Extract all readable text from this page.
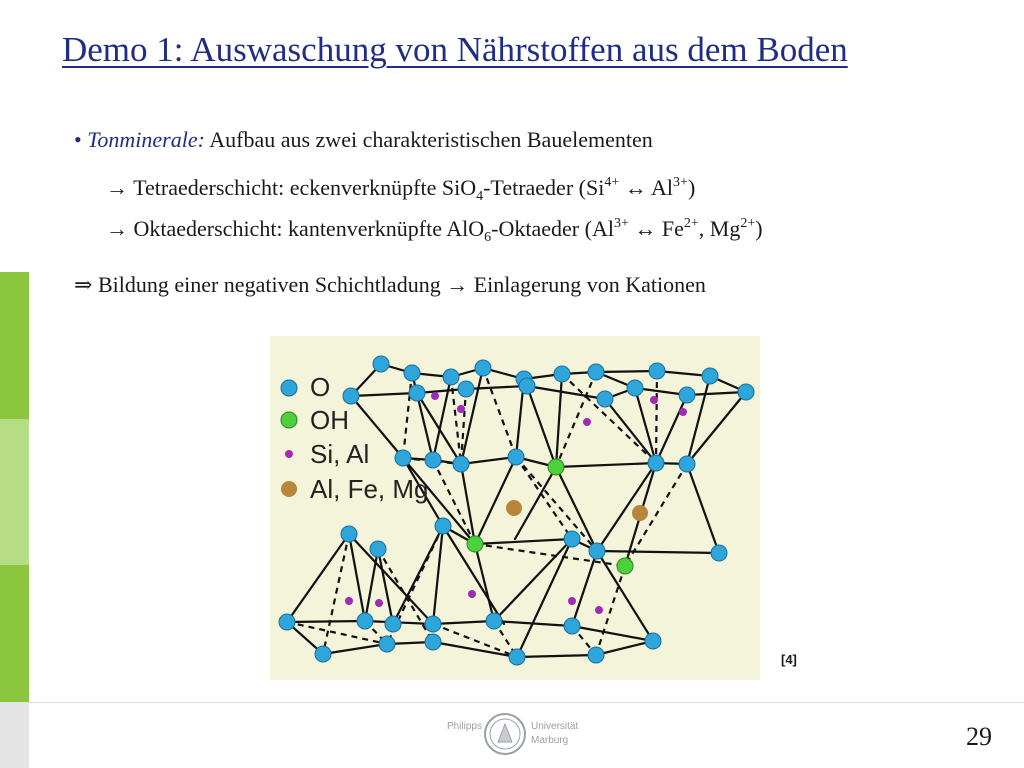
Demo 1: Auswaschung von Nährstoffen aus dem Boden
• Tonminerale: Aufbau aus zwei charakteristischen Bauelementen
→ Tetraederschicht: eckenverknüpfte SiO$_4$-Tetraeder ($Si^{4+}$ ↔ $Al^{3+}$)
→ Oktaederschicht: kantenverknüpfte AlO$_6$-Oktaeder ($Al^{3+}$ ↔ $Fe^{2+}$, $Mg^{2+}$)
⇒ Bildung einer negativen Schichtladung → Einlagerung von Kationen
O
OH
Si, Al
Al, Fe, Mg
[4]
Philipps	Universität
Marburg	29
